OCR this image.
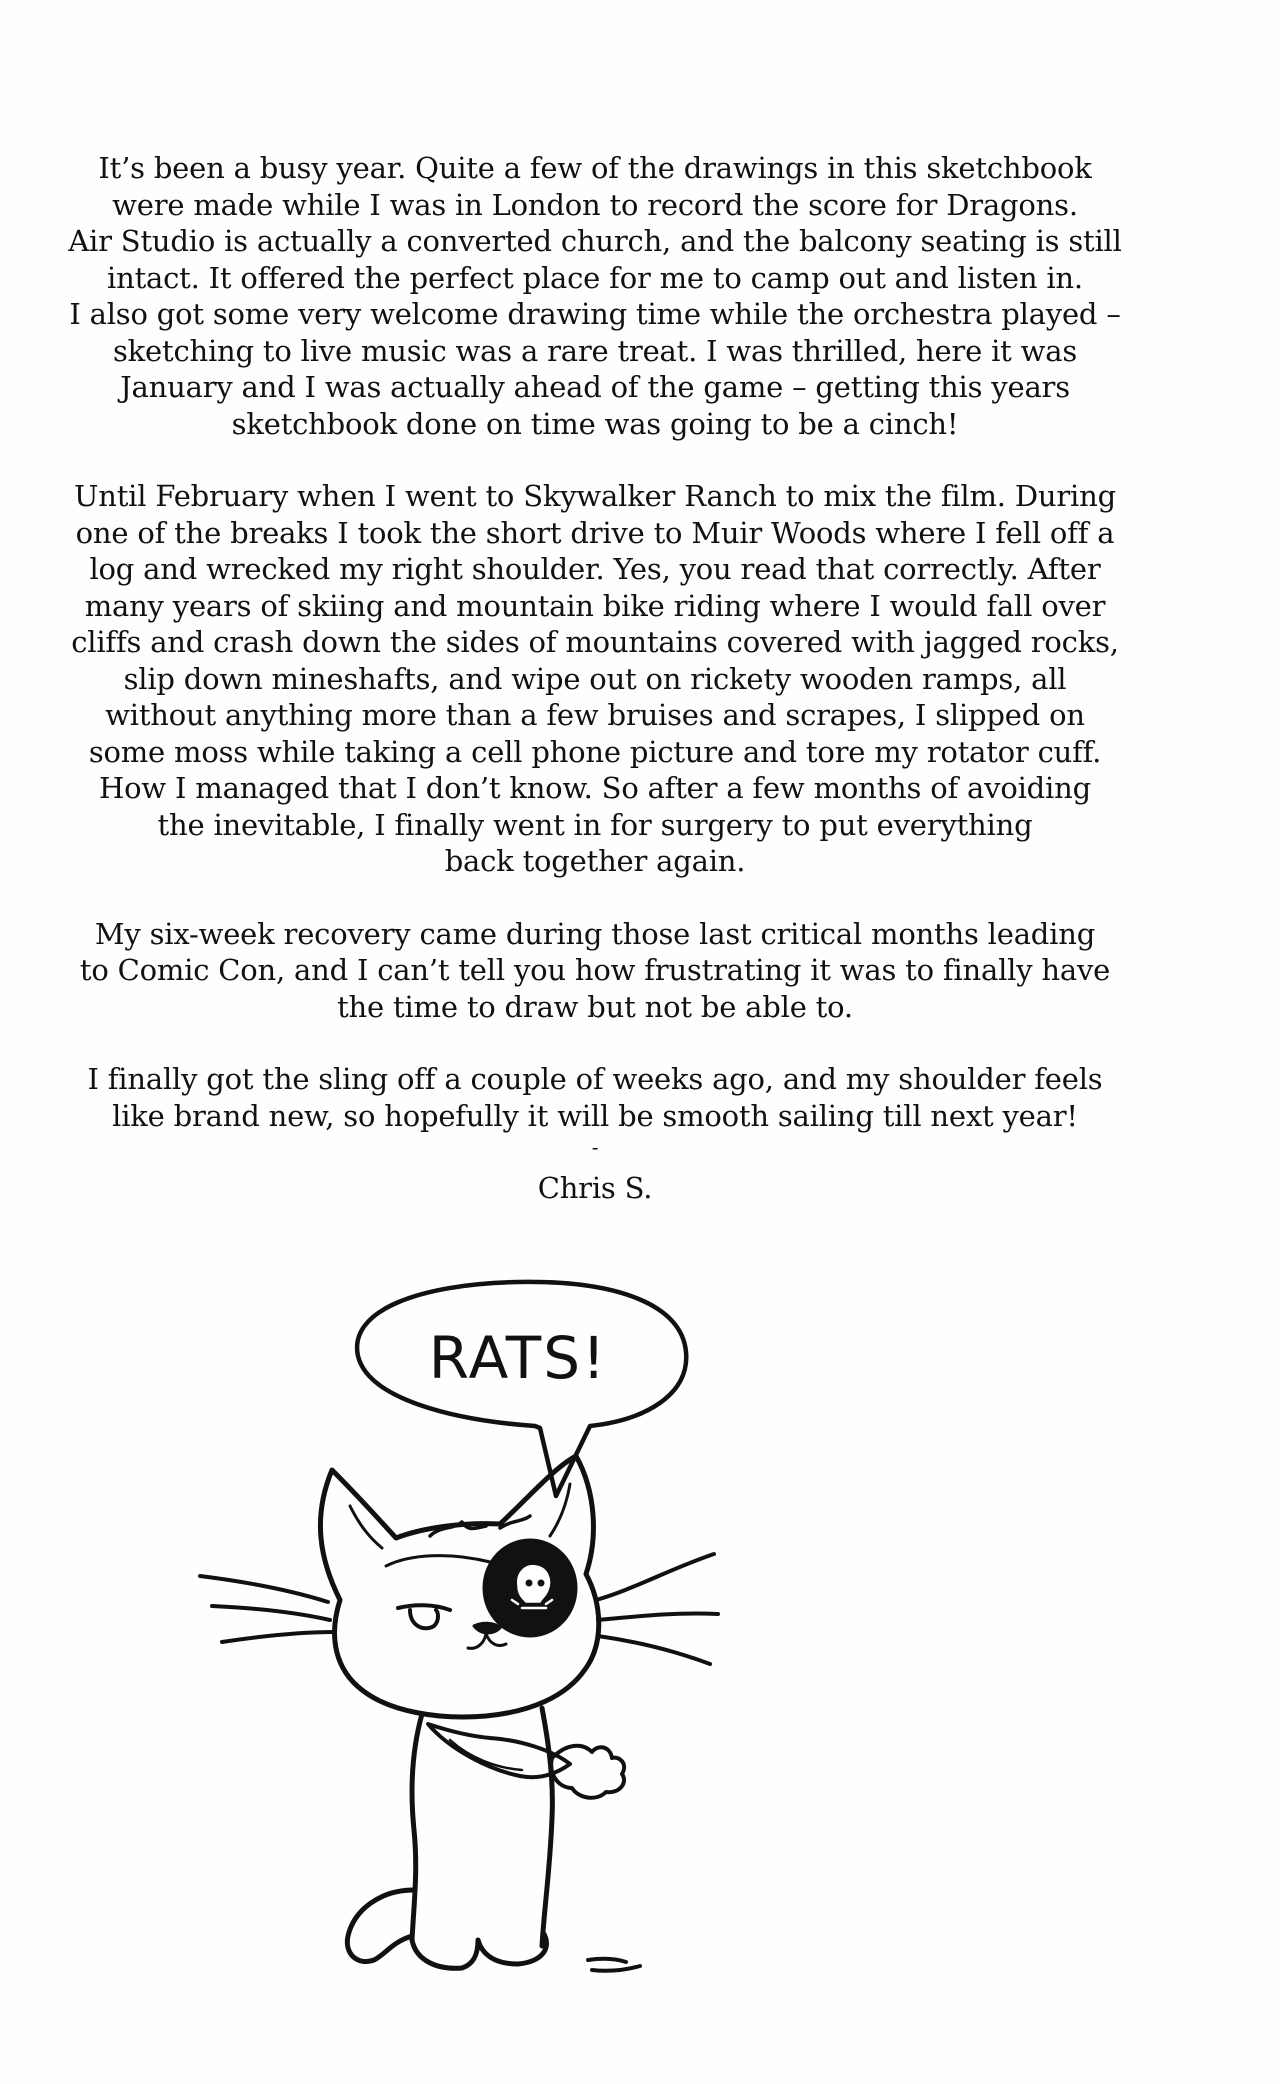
It’s been a busy year. Quite a few of the drawings in this sketchbook
were made while I was in London to record the score for Dragons.
Air Studio is actually a converted church, and the balcony seating is still
intact. It offered the perfect place for me to camp out and listen in.
I also got some very welcome drawing time while the orchestra played –
sketching to live music was a rare treat. I was thrilled, here it was
January and I was actually ahead of the game – getting this years
sketchbook done on time was going to be a cinch!

Until February when I went to Skywalker Ranch to mix the film. During
one of the breaks I took the short drive to Muir Woods where I fell off a
log and wrecked my right shoulder. Yes, you read that correctly. After
many years of skiing and mountain bike riding where I would fall over
cliffs and crash down the sides of mountains covered with jagged rocks,
slip down mineshafts, and wipe out on rickety wooden ramps, all
without anything more than a few bruises and scrapes, I slipped on
some moss while taking a cell phone picture and tore my rotator cuff.
How I managed that I don’t know. So after a few months of avoiding
the inevitable, I finally went in for surgery to put everything
back together again.

My six-week recovery came during those last critical months leading
to Comic Con, and I can’t tell you how frustrating it was to finally have
the time to draw but not be able to.

I finally got the sling off a couple of weeks ago, and my shoulder feels
like brand new, so hopefully it will be smooth sailing till next year!

-
Chris S.
RATS!
